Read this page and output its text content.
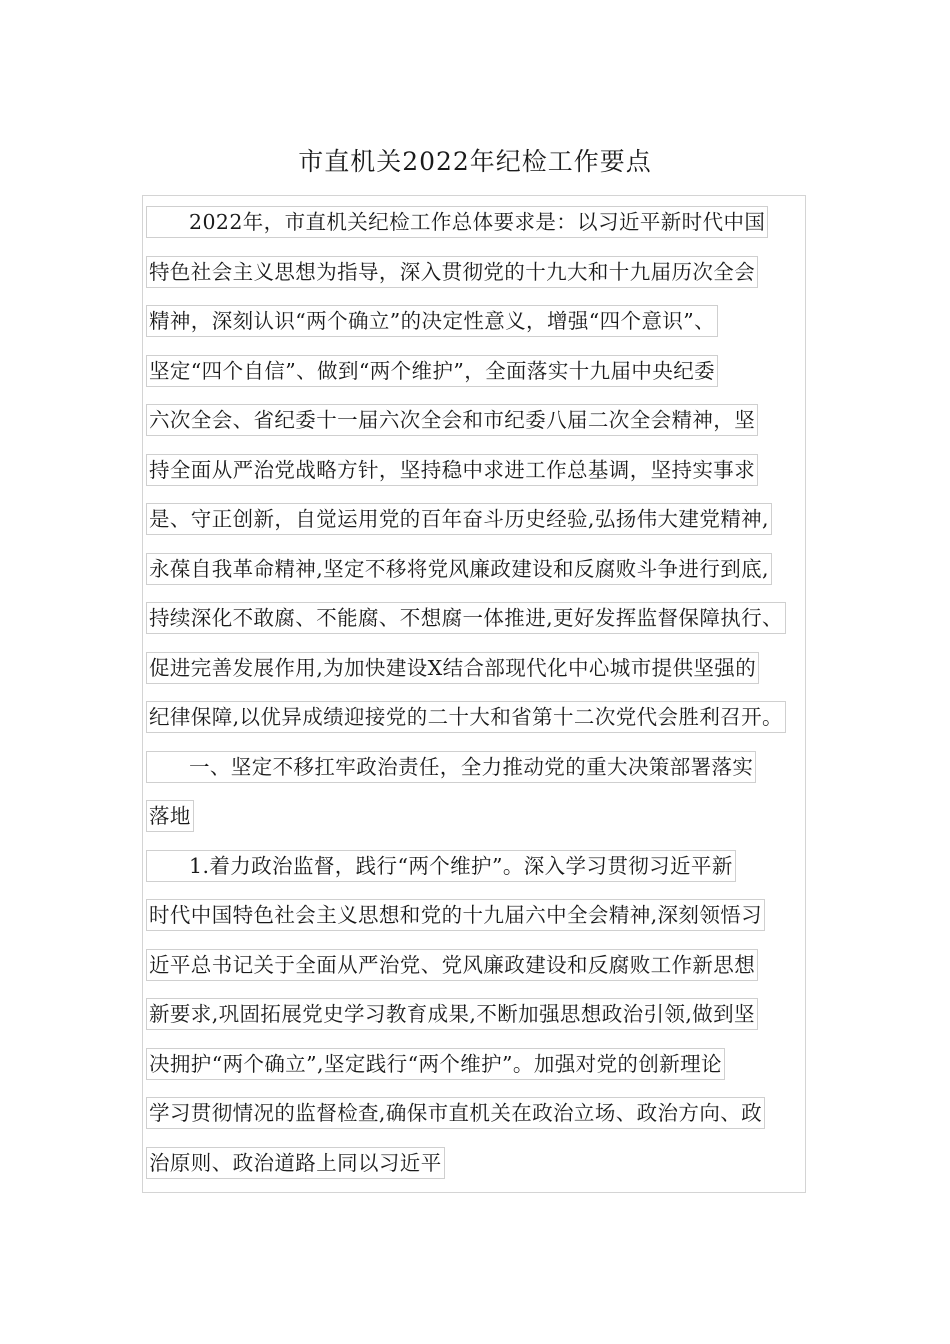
市直机关2022年纪检工作要点
2022年，市直机关纪检工作总体要求是：以习近平新时代中国
特色社会主义思想为指导，深入贯彻党的十九大和十九届历次全会
精神，深刻认识“两个确立”的决定性意义，增强“四个意识”、
坚定“四个自信”、做到“两个维护”，全面落实十九届中央纪委
六次全会、省纪委十一届六次全会和市纪委八届二次全会精神，坚
持全面从严治党战略方针，坚持稳中求进工作总基调，坚持实事求
是、守正创新，自觉运用党的百年奋斗历史经验,弘扬伟大建党精神,
永葆自我革命精神,坚定不移将党风廉政建设和反腐败斗争进行到底,
持续深化不敢腐、不能腐、不想腐一体推进,更好发挥监督保障执行、
促进完善发展作用,为加快建设X结合部现代化中心城市提供坚强的
纪律保障,以优异成绩迎接党的二十大和省第十二次党代会胜利召开。
一、坚定不移扛牢政治责任，全力推动党的重大决策部署落实
落地
1.着力政治监督，践行“两个维护”。深入学习贯彻习近平新
时代中国特色社会主义思想和党的十九届六中全会精神,深刻领悟习
近平总书记关于全面从严治党、党风廉政建设和反腐败工作新思想
新要求,巩固拓展党史学习教育成果,不断加强思想政治引领,做到坚
决拥护“两个确立”,坚定践行“两个维护”。加强对党的创新理论
学习贯彻情况的监督检查,确保市直机关在政治立场、政治方向、政
治原则、政治道路上同以习近平
